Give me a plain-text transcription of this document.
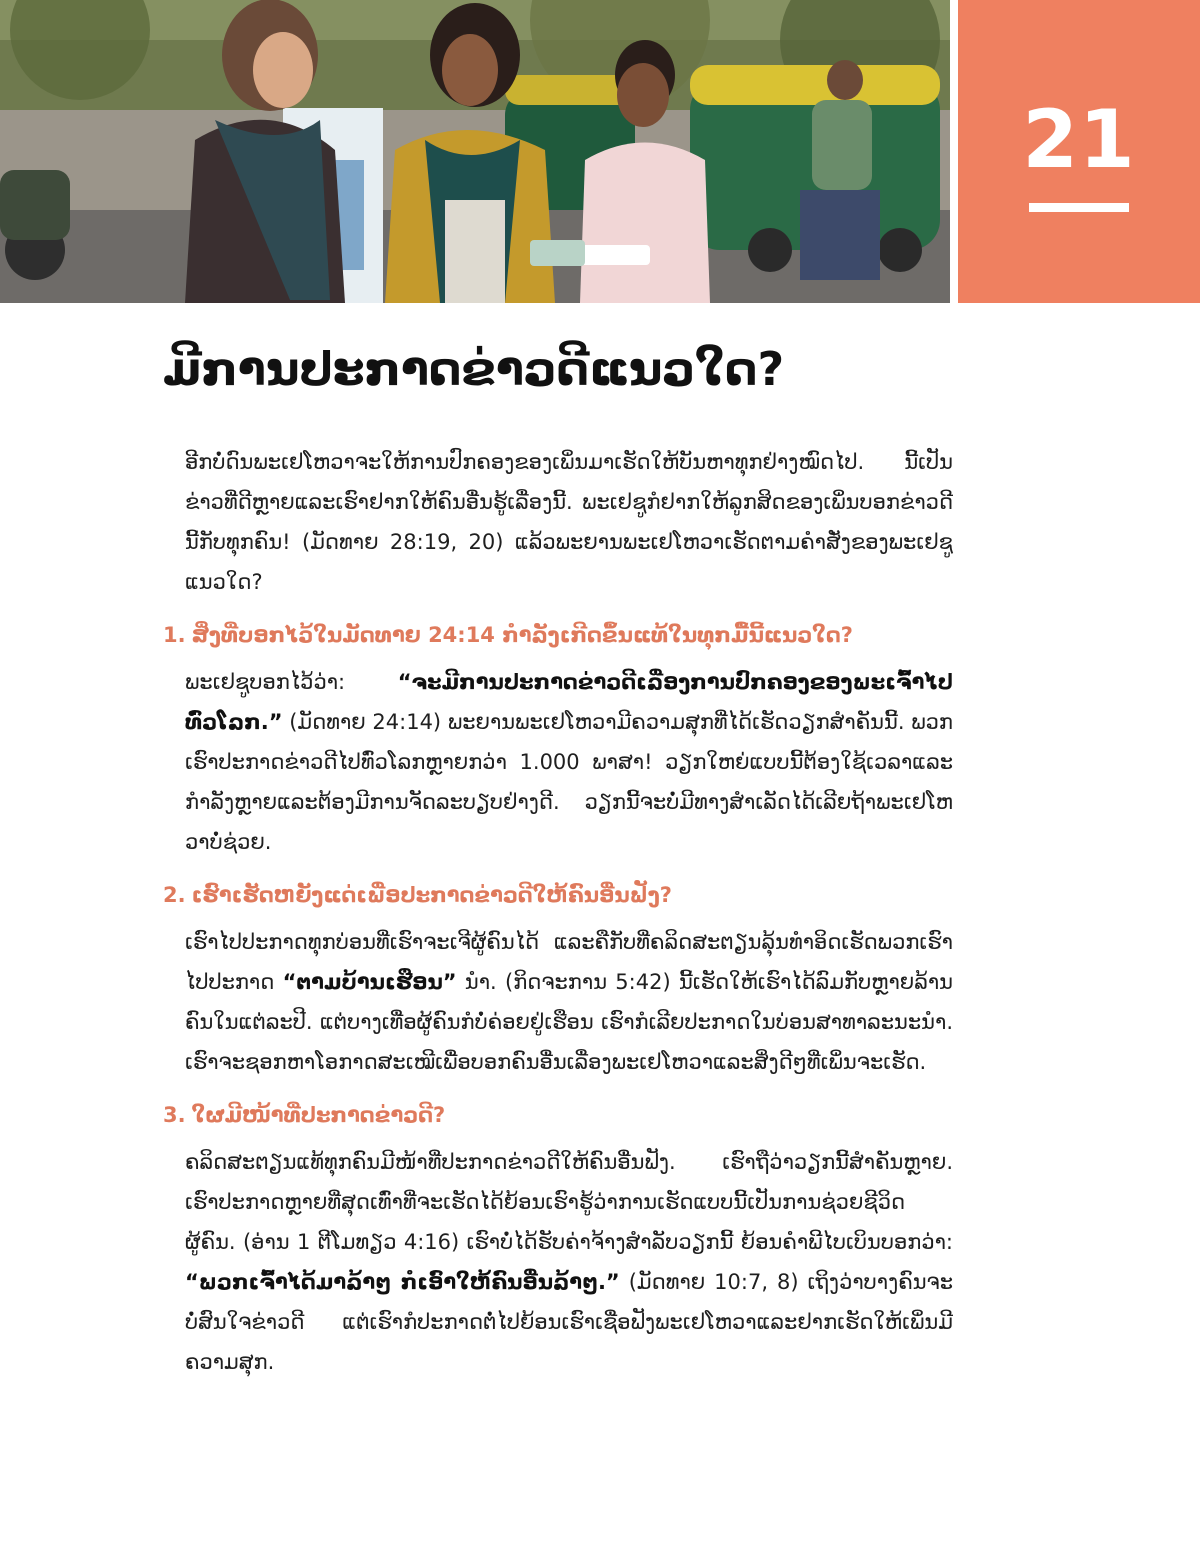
21
ມີການປະກາດຂ່າວດີແນວໃດ?

ອີກບໍ່ດົນພະເຢໂຫວາຈະໃຫ້ການປົກຄອງຂອງເພິ່ນມາເຮັດໃຫ້ບັນຫາທຸກຢ່າງໝົດໄປ. ນີ້ເປັນຂ່າວທີ່ດີຫຼາຍແລະເຮົາຢາກໃຫ້ຄົນອື່ນຮູ້ເລື່ອງນີ້. ພະເຢຊູກໍຢາກໃຫ້ລູກສິດຂອງເພິ່ນບອກຂ່າວດີນີ້ກັບທຸກຄົນ! (ມັດທາຍ 28:19, 20) ແລ້ວພະຍານພະເຢໂຫວາເຮັດຕາມຄຳສັ່ງຂອງພະເຢຊູແນວໃດ?

1. ສິ່ງທີ່ບອກໄວ້ໃນມັດທາຍ 24:14 ກຳລັງເກີດຂຶ້ນແທ້ໃນທຸກມື້ນີ້ແນວໃດ?

ພະເຢຊູບອກໄວ້ວ່າ: “ຈະມີການປະກາດຂ່າວດີເລື່ອງການປົກຄອງຂອງພະເຈົ້າໄປທົ່ວໂລກ.” (ມັດທາຍ 24:14) ພະຍານພະເຢໂຫວາມີຄວາມສຸກທີ່ໄດ້ເຮັດວຽກສຳຄັນນີ້. ພວກເຮົາປະກາດຂ່າວດີໄປທົ່ວໂລກຫຼາຍກວ່າ 1.000 ພາສາ! ວຽກໃຫຍ່ແບບນີ້ຕ້ອງໃຊ້ເວລາແລະກຳລັງຫຼາຍແລະຕ້ອງມີການຈັດລະບຽບຢ່າງດີ. ວຽກນີ້ຈະບໍ່ມີທາງສຳເລັດໄດ້ເລີຍຖ້າພະເຢໂຫວາບໍ່ຊ່ວຍ.

2. ເຮົາເຮັດຫຍັງແດ່ເພື່ອປະກາດຂ່າວດີໃຫ້ຄົນອື່ນຟັງ?

ເຮົາໄປປະກາດທຸກບ່ອນທີ່ເຮົາຈະເຈີຜູ້ຄົນໄດ້ ແລະຄືກັບທີ່ຄລິດສະຕຽນລຸ້ນທຳອິດເຮັດພວກເຮົາໄປປະກາດ “ຕາມບ້ານເຮືອນ” ນຳ. (ກິດຈະການ 5:42) ນີ້ເຮັດໃຫ້ເຮົາໄດ້ລົມກັບຫຼາຍລ້ານຄົນໃນແຕ່ລະປີ. ແຕ່ບາງເທື່ອຜູ້ຄົນກໍບໍ່ຄ່ອຍຢູ່ເຮືອນ ເຮົາກໍເລີຍປະກາດໃນບ່ອນສາທາລະນະນຳ. ເຮົາຈະຊອກຫາໂອກາດສະເໝີເພື່ອບອກຄົນອື່ນເລື່ອງພະເຢໂຫວາແລະສິ່ງດີໆທີ່ເພິ່ນຈະເຮັດ.

3. ໃຜມີໜ້າທີ່ປະກາດຂ່າວດີ?

ຄລິດສະຕຽນແທ້ທຸກຄົນມີໜ້າທີ່ປະກາດຂ່າວດີໃຫ້ຄົນອື່ນຟັງ. ເຮົາຖືວ່າວຽກນີ້ສຳຄັນຫຼາຍ. ເຮົາປະກາດຫຼາຍທີ່ສຸດເທົ່າທີ່ຈະເຮັດໄດ້ຍ້ອນເຮົາຮູ້ວ່າການເຮັດແບບນີ້ເປັນການຊ່ວຍຊີວິດຜູ້ຄົນ. (ອ່ານ 1 ຕີໂມທຽວ 4:16) ເຮົາບໍ່ໄດ້ຮັບຄ່າຈ້າງສຳລັບວຽກນີ້ ຍ້ອນຄຳພີໄບເບິນບອກວ່າ: “ພວກເຈົ້າໄດ້ມາລ້າໆ ກໍເອົາໃຫ້ຄົນອື່ນລ້າໆ.” (ມັດທາຍ 10:7, 8) ເຖິງວ່າບາງຄົນຈະບໍ່ສົນໃຈຂ່າວດີ ແຕ່ເຮົາກໍປະກາດຕໍ່ໄປຍ້ອນເຮົາເຊື່ອຟັງພະເຢໂຫວາແລະຢາກເຮັດໃຫ້ເພິ່ນມີຄວາມສຸກ.
